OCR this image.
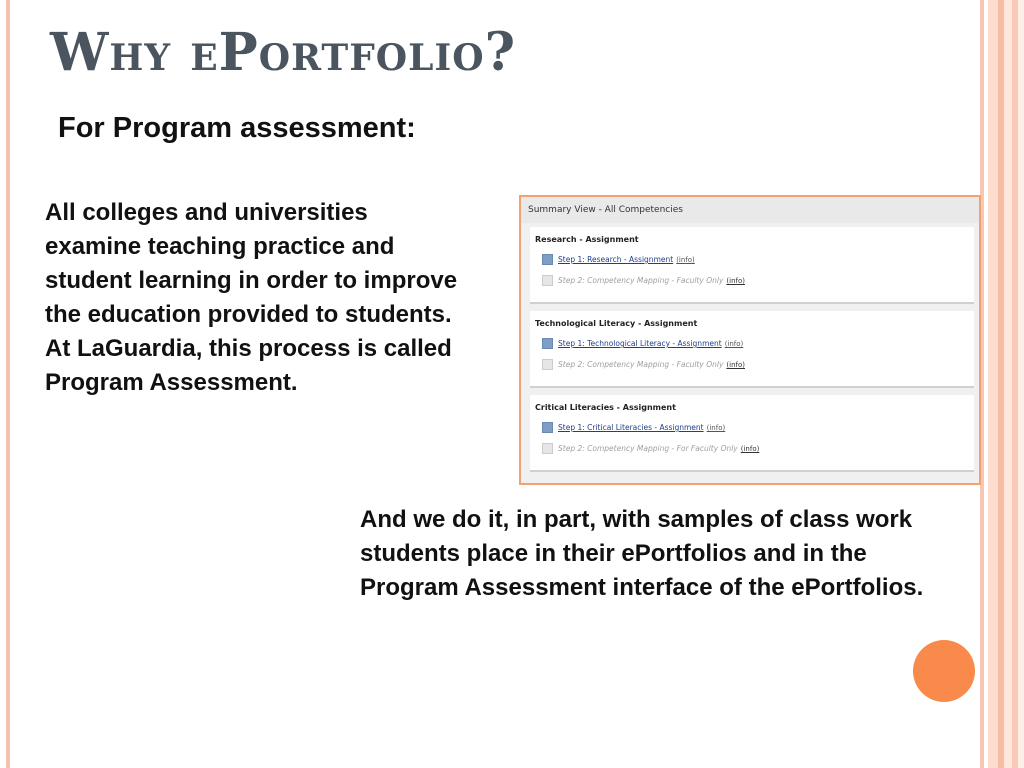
Why ePortfolio?

For Program assessment:

All colleges and universities examine teaching practice and student learning in order to improve the education provided to students. At LaGuardia, this process is called Program Assessment.

Summary View - All Competencies
Research - Assignment
Step 1: Research - Assignment (info)
Step 2: Competency Mapping - Faculty Only (info)
Technological Literacy - Assignment
Step 1: Technological Literacy - Assignment (info)
Step 2: Competency Mapping - Faculty Only (info)
Critical Literacies - Assignment
Step 1: Critical Literacies - Assignment (info)
Step 2: Competency Mapping - For Faculty Only (info)

And we do it, in part, with samples of class work students place in their ePortfolios and in the Program Assessment interface of the ePortfolios.
